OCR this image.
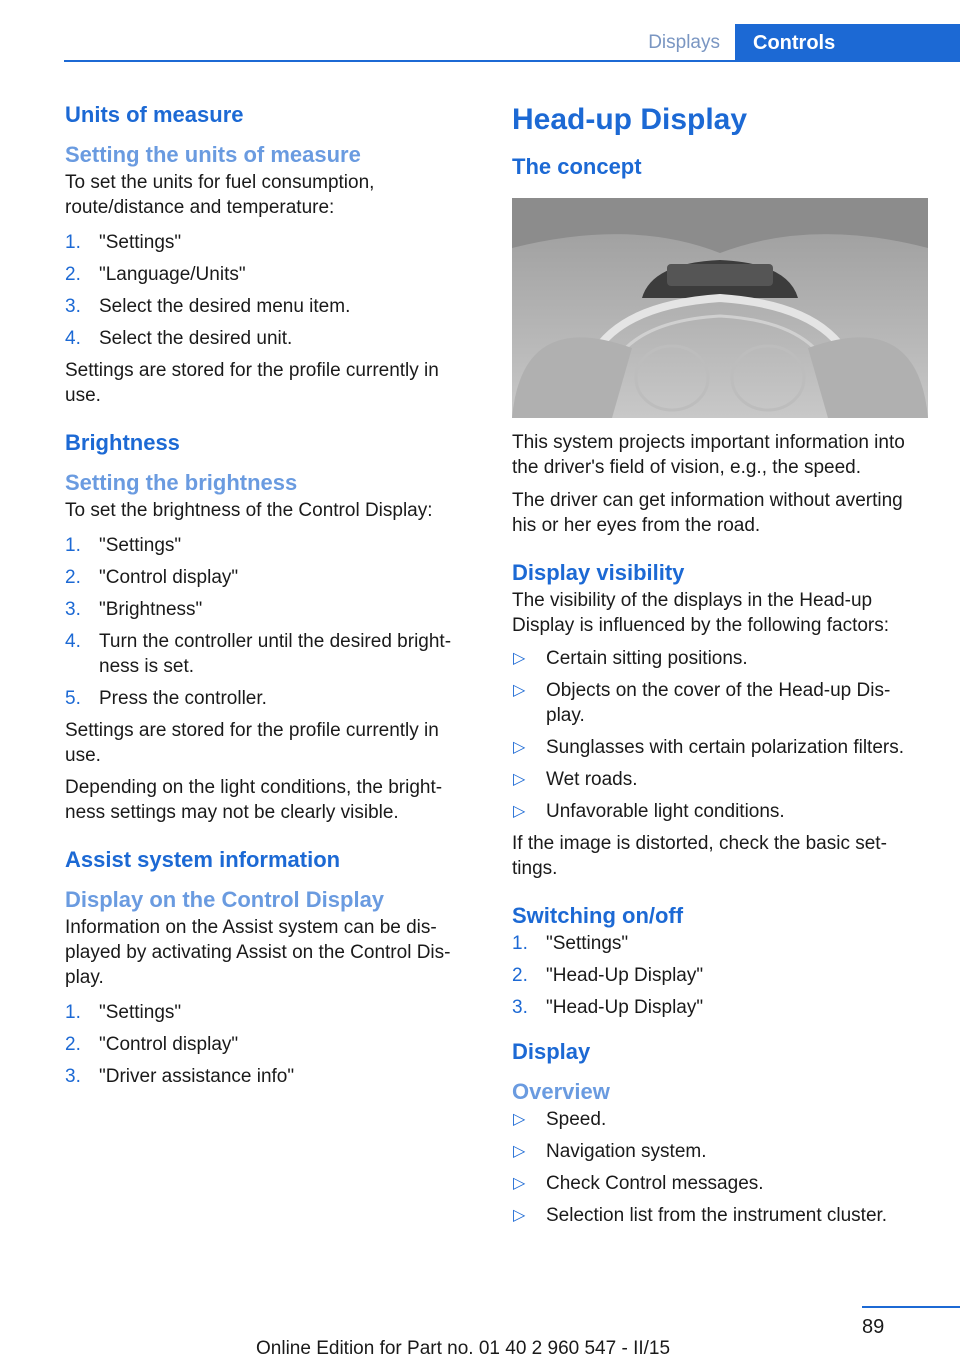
Displays	Controls
Units of measure
Setting the units of measure
To set the units for fuel consumption, route/distance and temperature:
1. "Settings"
2. "Language/Units"
3. Select the desired menu item.
4. Select the desired unit.
Settings are stored for the profile currently in use.
Brightness
Setting the brightness
To set the brightness of the Control Display:
1. "Settings"
2. "Control display"
3. "Brightness"
4. Turn the controller until the desired bright-ness is set.
5. Press the controller.
Settings are stored for the profile currently in use.
Depending on the light conditions, the bright-ness settings may not be clearly visible.
Assist system information
Display on the Control Display
Information on the Assist system can be dis-played by activating Assist on the Control Dis-play.
1. "Settings"
2. "Control display"
3. "Driver assistance info"
Head-up Display
The concept
This system projects important information into the driver's field of vision, e.g., the speed.
The driver can get information without averting his or her eyes from the road.
Display visibility
The visibility of the displays in the Head-up Display is influenced by the following factors:
▷ Certain sitting positions.
▷ Objects on the cover of the Head-up Dis-play.
▷ Sunglasses with certain polarization filters.
▷ Wet roads.
▷ Unfavorable light conditions.
If the image is distorted, check the basic set-tings.
Switching on/off
1. "Settings"
2. "Head-Up Display"
3. "Head-Up Display"
Display
Overview
▷ Speed.
▷ Navigation system.
▷ Check Control messages.
▷ Selection list from the instrument cluster.
89
Online Edition for Part no. 01 40 2 960 547 - II/15
